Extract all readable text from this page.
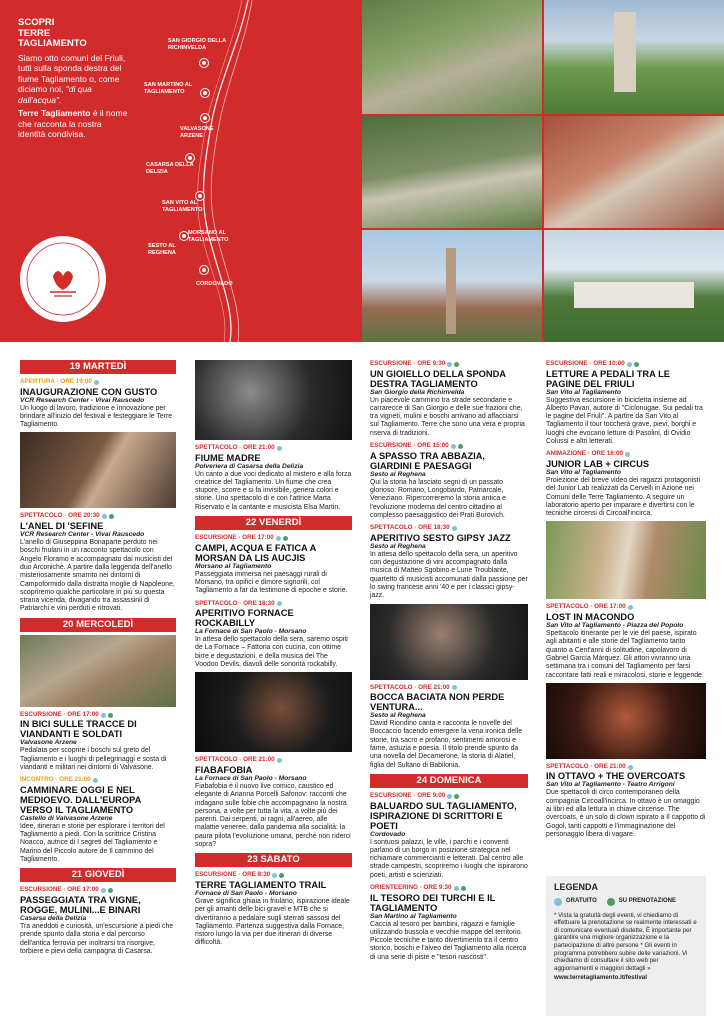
SCOPRI TERRE TAGLIAMENTO

Siamo otto comuni del Friuli, tutti sulla sponda destra del fiume Tagliamento o, come diciamo noi, "di qua dall'acqua".

Terre Tagliamento è il nome che racconta la nostra identità condivisa.

SAN GIORGIO DELLA RICHINVELDA
SAN MARTINO AL TAGLIAMENTO
VALVASONE ARZENE
CASARSA DELLA DELIZIA
SAN VITO AL TAGLIAMENTO
MORSANO AL TAGLIAMENTO
SESTO AL REGHENA
CORDOVADO
19 MARTEDÌ
APERTURA · ORE 19:00
INAUGURAZIONE CON GUSTO
VCR Research Center - Vivai Rauscedo
Un luogo di lavoro, tradizione e innovazione per brindare all'inizio del festival e festeggiare le Terre Tagliamento.
SPETTACOLO · ORE 20:30
L'ANEL DI 'SEFINE
VCR Research Center - Vivai Rauscedo
L'anello di Giuseppina Bonaparte perduto nei boschi friulani in un racconto spettacolo con Angelo Floramo e accompagnato dai musicisti del duo Arconichè. A partire dalla leggenda dell'anello misteriosamente smarrito nei dintorni di Campoformido dalla distratta moglie di Napoleone, scopriremo qualche particolare in più su questa strana vicenda, divagando tra assassinii di Patriarchi e vini perduti e ritrovati.
20 MERCOLEDÌ
ESCURSIONE · ORE 17:00
IN BICI SULLE TRACCE DI VIANDANTI E SOLDATI
Valvasone Arzene
Pedalata per scoprire i boschi sul greto del Tagliamento e i luoghi di pellegrinaggi e sosta di viandanti e militari nei dintorni di Valvasone.
INCONTRO · ORE 21:00
CAMMINARE OGGI E NEL MEDIOEVO. DALL'EUROPA VERSO IL TAGLIAMENTO
Castello di Valvasone Arzene
Idee, itinerari e storie per esplorare i territori del Tagliamento a piedi. Con la scrittrice Cristina Noacco, autrice di I segreti del Tagliamento e Marino del Piccolo autore de Il cammino del Tagliamento.
21 GIOVEDÌ
ESCURSIONE · ORE 17:00
PASSEGGIATA TRA VIGNE, ROGGE, MULINI...E BINARI
Casarsa della Delizia
Tra aneddoti e curiosità, un'escursione a piedi che prende spunto dalla storia e dal percorso dell'antica ferrovia per inoltrarsi tra risorgive, torbiere e pievi della campagna di Casarsa.
SPETTACOLO · ORE 21:00
FIUME MADRE
Polveriera di Casarsa della Delizia
Un canto a due voci dedicato al mistero e alla forza creatrice del Tagliamento. Un fiume che crea stupore, scorre e si fa invisibile, genera colori e storie. Uno spettacolo di e con l'attrice Marta Riservato e la cantante e musicista Elsa Martin.
22 VENERDÌ
ESCURSIONE · ORE 17:00
CAMPI, ACQUA E FATICA A MORSAN DA LIS AUCJIS
Morsano al Tagliamento
Passeggiata immersa nei paesaggi rurali di Morsano, tra opifici e dimore signorili, col Tagliamento a far da testimone di epoche e storie.
SPETTACOLO · ORE 18:30
APERITIVO FORNACE ROCKABILLY
La Fornace di San Paolo - Morsano
In attesa dello spettacolo della sera, saremo ospiti de La Fornace – Fattoria con cucina, con ottime birre e degustazioni, e della musica dei The Voodoo Devils, diavoli delle sonorità rockabilly.
SPETTACOLO · ORE 21:00
FIABAFOBIA
La Fornace di San Paolo - Morsano
Fiabafobia è il nuovo live comico, caustico ed elegante di Arianna Porcelli Safonov: racconti che indagano sulle fobie che accompagnano la nostra persona, a volte per tutta la vita, a volte più dei parenti. Dai serpenti, ai ragni, all'aereo, alle malattie veneree, dalla pandemia alla socialità: la paura pilota l'evoluzione umana, perché non riderci sopra?
23 SABATO
ESCURSIONE · ORE 8:30
TERRE TAGLIAMENTO TRAIL
Fornace di San Paolo - Morsano
Grave significa ghiaia in friulano, ispirazione ideale per gli amanti delle bici gravel e MTB che si divertiranno a pedalare sugli sterrati sassosi del Tagliamento. Partenza suggestiva dalla Fornace, ristoro lungo la via per due itinerari di diverse difficoltà.
ESCURSIONE · ORE 9:30
UN GIOIELLO DELLA SPONDA DESTRA TAGLIAMENTO
San Giorgio della Richinvelda
Un piacevole cammino tra strade secondarie e carrarecce di San Giorgio e delle sue frazioni che, tra vigneti, mulini e boschi arrivano ad affacciarsi sul Tagliamento. Terre che sono una vera e propria riserva di tradizioni.
ESCURSIONE · ORE 15:00
A SPASSO TRA ABBAZIA, GIARDINI E PAESAGGI
Sesto al Reghena
Qui la storia ha lasciato segni di un passato glorioso: Romano, Longobardo, Patriarcale, Veneziano. Ripercorreremo la storia antica e l'evoluzione moderna del centro cittadino al complesso paesaggistico dei Prati Burovich.
SPETTACOLO · ORE 18:30
APERITIVO SESTO GIPSY JAZZ
Sesto al Reghena
In attesa dello spettacolo della sera, un aperitivo con degustazione di vini accompagnato dalla musica di Matteo Sgobino e Lune Troublante, quartetto di musicisti accomunati dalla passione per lo swing francese anni '40 e per i classici gipsy-jazz.
SPETTACOLO · ORE 21:00
BOCCA BACIATA NON PERDE VENTURA...
Sesto al Reghena
David Riondino canta e racconta le novelle del Boccaccio facendo emergere la vena ironica delle storie, tra sacro e profano, sentimenti amorosi e fame, astuzia e poesia. Il titolo prende spunto da una novella del Decamerone, la storia di Alatiel, figlia del Sultano di Babilonia.
24 DOMENICA
ESCURSIONE · ORE 9:00
BALUARDO SUL TAGLIAMENTO, ISPIRAZIONE DI SCRITTORI E POETI
Cordovado
I sontuosi palazzi, le ville, i parchi e i conventi parlano di un borgo in posizione strategica nel richiamare commercianti e letterati. Dal centro alle strade campestri, scopriremo i luoghi che ispirarono poeti, artisti e scienziati.
ORIENTEERING · ORE 9:30
IL TESORO DEI TURCHI E IL TAGLIAMENTO
San Martino al Tagliamento
Caccia al tesoro per bambini, ragazzi e famiglie utilizzando bussola e vecchie mappe del territorio. Piccole tecniche e tanto divertimento tra il centro storico, boschi e l'alveo del Tagliamento alla ricerca di una serie di piste e "tesori nascosti".
ESCURSIONE · ORE 10:00
LETTURE A PEDALI TRA LE PAGINE DEL FRIULI
San Vito al Tagliamento
Suggestiva escursione in bicicletta insieme ad Alberto Pavan, autore di "Ciclonugae. Sui pedali tra le pagine del Friuli". A partire da San Vito al Tagliamento il tour toccherà grave, pievi, borghi e luoghi che evocano letture di Pasolini, di Ovidio Colussi e altri letterati.
ANIMAZIONE · ORE 16:00
JUNIOR LAB + CIRCUS
San Vito al Tagliamento
Proiezione del breve video dei ragazzi protagonisti del Junior Lab realizzati da Cervelli in Azione nei Comuni delle Terre Tagliamento. A seguire un laboratorio aperto per imparare e divertirsi con le tecniche circensi di Circoall'incirca.
SPETTACOLO · ORE 17:00
LOST IN MACONDO
San Vito al Tagliamento - Piazza del Popolo
Spettacolo itinerante per le vie del paese, ispirato agli abitanti e alle storie del Tagliamento tanto quanto a Cent'anni di solitudine, capolavoro di Gabriel García Márquez. Gli attori vivranno una settimana tra i comuni del Tagliamento per farsi raccontare fatti reali e miracolosi, storie e leggende.
SPETTACOLO · ORE 21:00
IN OTTAVO + THE OVERCOATS
San Vito al Tagliamento - Teatro Arrigoni
Due spettacoli di circo contemporaneo della compagnia Circoall'incirca. In ottavo è un omaggio ai libri ed alla lettura in chiave circense. The overcoats, è un solo di clown ispirato a Il cappotto di Gogol, tanti cappotti e l'immaginazione del personaggio libera di vagare.
LEGENDA
GRATUITO	SU PRENOTAZIONE
* Vista la gratuità degli eventi, vi chiediamo di effettuare la prenotazione se realmente interessati e di comunicare eventuali disdette. È importante per garantire una migliore organizzazione e la partecipazione di altre persone * Gli eventi in programma potrebbero subire delle variazioni. Vi chiediamo di consultare il sito web per aggiornamenti e maggiori dettagli »
www.terretagliamento.it/festival
